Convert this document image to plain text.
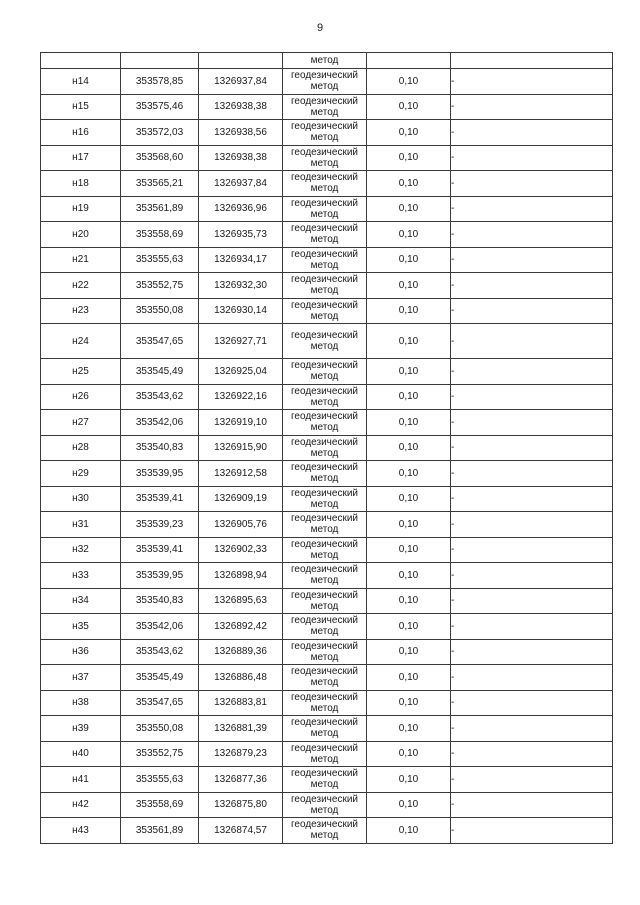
9
			метод		
н14	353578,85	1326937,84	геодезический
метод	0,10	-
н15	353575,46	1326938,38	геодезический
метод	0,10	-
н16	353572,03	1326938,56	геодезический
метод	0,10	-
н17	353568,60	1326938,38	геодезический
метод	0,10	-
н18	353565,21	1326937,84	геодезический
метод	0,10	-
н19	353561,89	1326936,96	геодезический
метод	0,10	-
н20	353558,69	1326935,73	геодезический
метод	0,10	-
н21	353555,63	1326934,17	геодезический
метод	0,10	-
н22	353552,75	1326932,30	геодезический
метод	0,10	-
н23	353550,08	1326930,14	геодезический
метод	0,10	-
н24	353547,65	1326927,71	геодезический
метод	0,10	-
н25	353545,49	1326925,04	геодезический
метод	0,10	-
н26	353543,62	1326922,16	геодезический
метод	0,10	-
н27	353542,06	1326919,10	геодезический
метод	0,10	-
н28	353540,83	1326915,90	геодезический
метод	0,10	-
н29	353539,95	1326912,58	геодезический
метод	0,10	-
н30	353539,41	1326909,19	геодезический
метод	0,10	-
н31	353539,23	1326905,76	геодезический
метод	0,10	-
н32	353539,41	1326902,33	геодезический
метод	0,10	-
н33	353539,95	1326898,94	геодезический
метод	0,10	-
н34	353540,83	1326895,63	геодезический
метод	0,10	-
н35	353542,06	1326892,42	геодезический
метод	0,10	-
н36	353543,62	1326889,36	геодезический
метод	0,10	-
н37	353545,49	1326886,48	геодезический
метод	0,10	-
н38	353547,65	1326883,81	геодезический
метод	0,10	-
н39	353550,08	1326881,39	геодезический
метод	0,10	-
н40	353552,75	1326879,23	геодезический
метод	0,10	-
н41	353555,63	1326877,36	геодезический
метод	0,10	-
н42	353558,69	1326875,80	геодезический
метод	0,10	-
н43	353561,89	1326874,57	геодезический
метод	0,10	-
